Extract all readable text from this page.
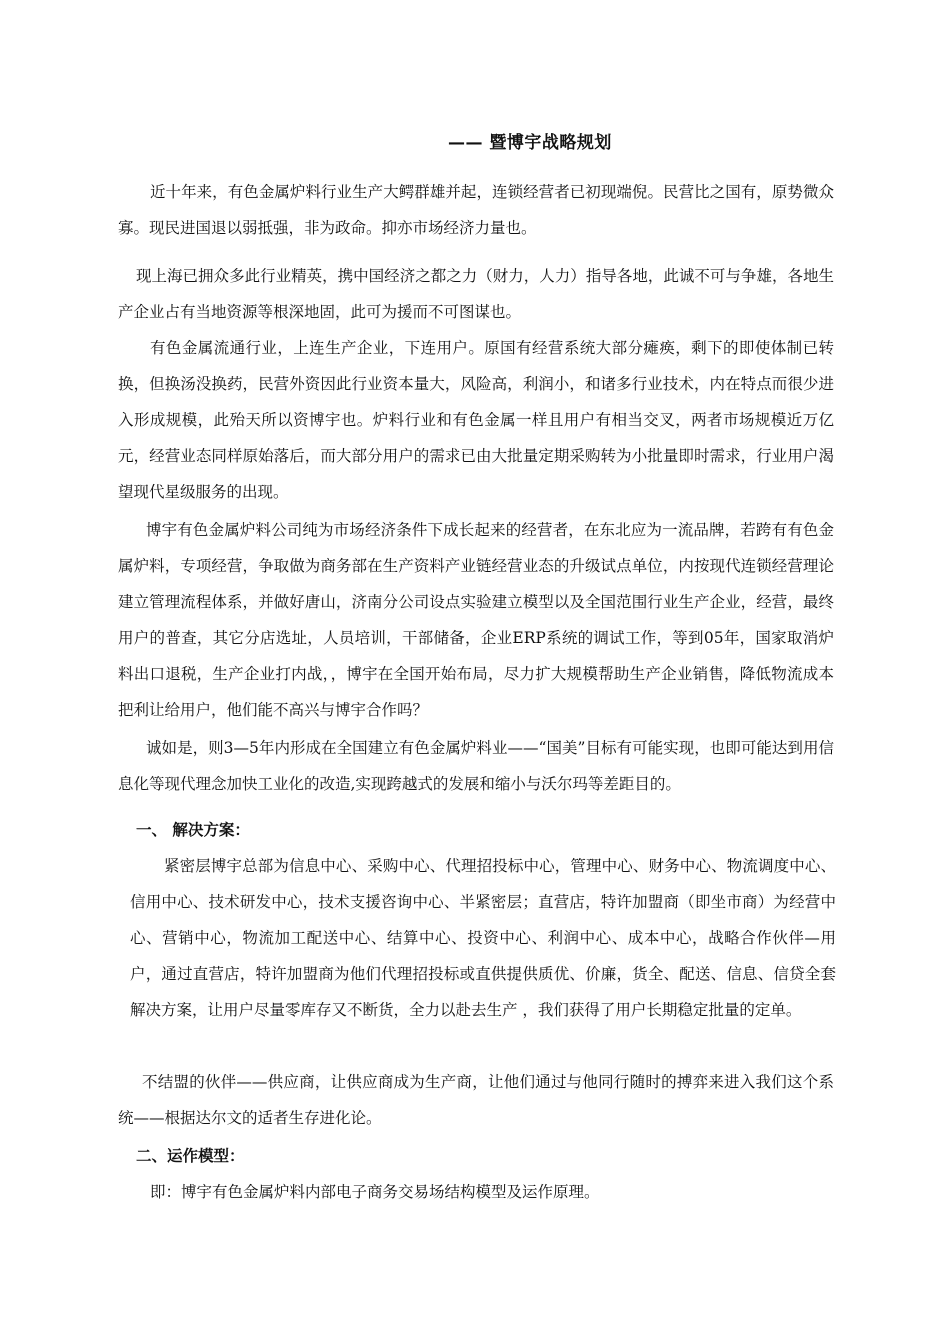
—— 暨博宇战略规划
近十年来，有色金属炉料行业生产大鳄群雄并起，连锁经营者已初现端倪。民营比之国有，原势微众寡。现民进国退以弱抵强，非为政命。抑亦市场经济力量也。
现上海已拥众多此行业精英，携中国经济之都之力（财力，人力）指导各地，此诚不可与争雄，各地生产企业占有当地资源等根深地固，此可为援而不可图谋也。
有色金属流通行业，上连生产企业，下连用户。原国有经营系统大部分瘫痪，剩下的即使体制已转换，但换汤没换药，民营外资因此行业资本量大，风险高，利润小，和诸多行业技术，内在特点而很少进入形成规模，此殆天所以资博宇也。炉料行业和有色金属一样且用户有相当交叉，两者市场规模近万亿元，经营业态同样原始落后，而大部分用户的需求已由大批量定期采购转为小批量即时需求，行业用户渴望现代星级服务的出现。
博宇有色金属炉料公司纯为市场经济条件下成长起来的经营者，在东北应为一流品牌，若跨有有色金属炉料，专项经营，争取做为商务部在生产资料产业链经营业态的升级试点单位，内按现代连锁经营理论建立管理流程体系，并做好唐山，济南分公司设点实验建立模型以及全国范围行业生产企业，经营，最终用户的普查，其它分店选址，人员培训，干部储备，企业ERP系统的调试工作，等到05年，国家取消炉料出口退税，生产企业打内战，，博宇在全国开始布局，尽力扩大规模帮助生产企业销售，降低物流成本把利让给用户，他们能不高兴与博宇合作吗？
诚如是，则3—5年内形成在全国建立有色金属炉料业——“国美”目标有可能实现，也即可能达到用信息化等现代理念加快工业化的改造,实现跨越式的发展和缩小与沃尔玛等差距目的。
一、 解决方案：
紧密层博宇总部为信息中心、采购中心、代理招投标中心，管理中心、财务中心、物流调度中心、信用中心、技术研发中心，技术支援咨询中心、半紧密层；直营店，特许加盟商（即坐市商）为经营中心、营销中心，物流加工配送中心、结算中心、投资中心、利润中心、成本中心，战略合作伙伴—用户，通过直营店，特许加盟商为他们代理招投标或直供提供质优、价廉，货全、配送、信息、信贷全套解决方案，让用户尽量零库存又不断货，全力以赴去生产 ，我们获得了用户长期稳定批量的定单。
不结盟的伙伴——供应商，让供应商成为生产商，让他们通过与他同行随时的搏弈来进入我们这个系统——根据达尔文的适者生存进化论。
二、运作模型：
即：博宇有色金属炉料内部电子商务交易场结构模型及运作原理。
